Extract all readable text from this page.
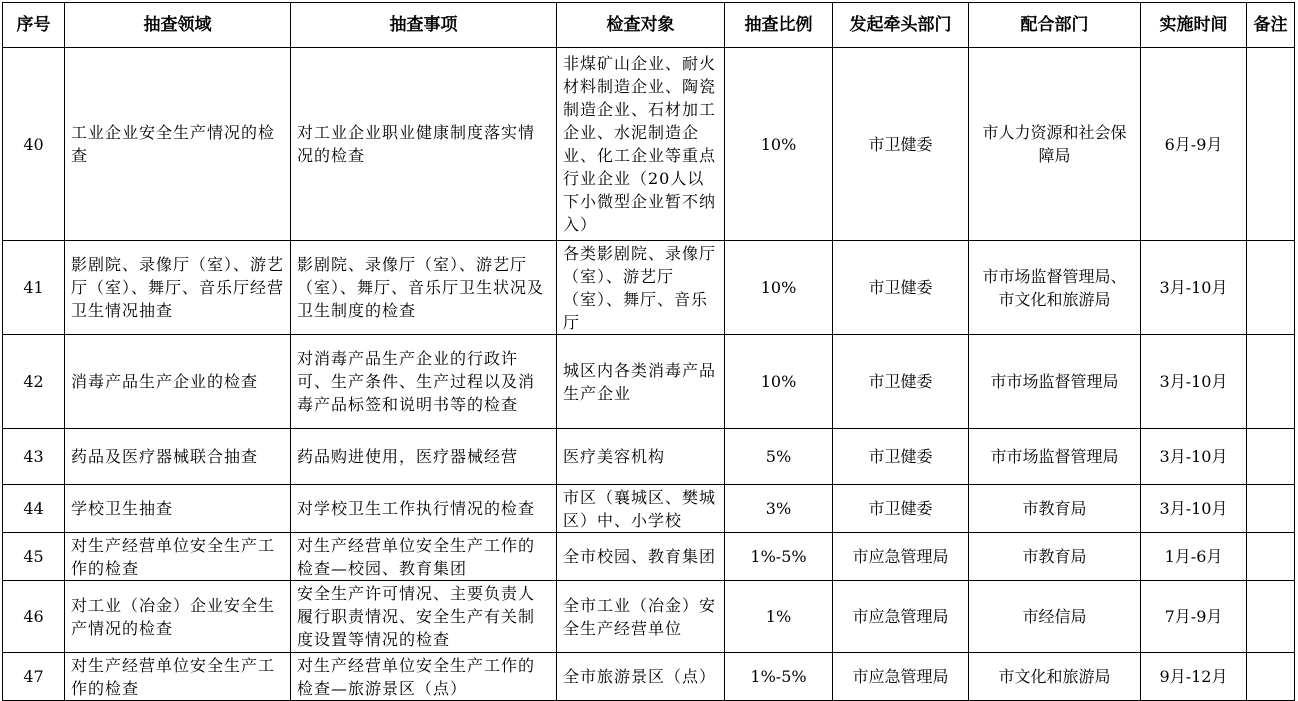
序号	抽查领域	抽查事项	检查对象	抽查比例	发起牵头部门	配合部门	实施时间	备注
40	工业企业安全生产情况的检查	对工业企业职业健康制度落实情况的检查	非煤矿山企业、耐火材料制造企业、陶瓷制造企业、石材加工企业、水泥制造企业、化工企业等重点行业企业（20人以下小微型企业暂不纳入）	10%	市卫健委	市人力资源和社会保障局	6月-9月	
41	影剧院、录像厅（室）、游艺厅（室）、舞厅、音乐厅经营卫生情况抽查	影剧院、录像厅（室）、游艺厅（室）、舞厅、音乐厅卫生状况及卫生制度的检查	各类影剧院、录像厅（室）、游艺厅（室）、舞厅、音乐厅	10%	市卫健委	市市场监督管理局、市文化和旅游局	3月-10月	
42	消毒产品生产企业的检查	对消毒产品生产企业的行政许可、生产条件、生产过程以及消毒产品标签和说明书等的检查	城区内各类消毒产品生产企业	10%	市卫健委	市市场监督管理局	3月-10月	
43	药品及医疗器械联合抽查	药品购进使用，医疗器械经营	医疗美容机构	5%	市卫健委	市市场监督管理局	3月-10月	
44	学校卫生抽查	对学校卫生工作执行情况的检查	市区（襄城区、樊城区）中、小学校	3%	市卫健委	市教育局	3月-10月	
45	对生产经营单位安全生产工作的检查	对生产经营单位安全生产工作的检查—校园、教育集团	全市校园、教育集团	1%-5%	市应急管理局	市教育局	1月-6月	
46	对工业（冶金）企业安全生产情况的检查	安全生产许可情况、主要负责人履行职责情况、安全生产有关制度设置等情况的检查	全市工业（冶金）安全生产经营单位	1%	市应急管理局	市经信局	7月-9月	
47	对生产经营单位安全生产工作的检查	对生产经营单位安全生产工作的检查—旅游景区（点）	全市旅游景区（点）	1%-5%	市应急管理局	市文化和旅游局	9月-12月	
